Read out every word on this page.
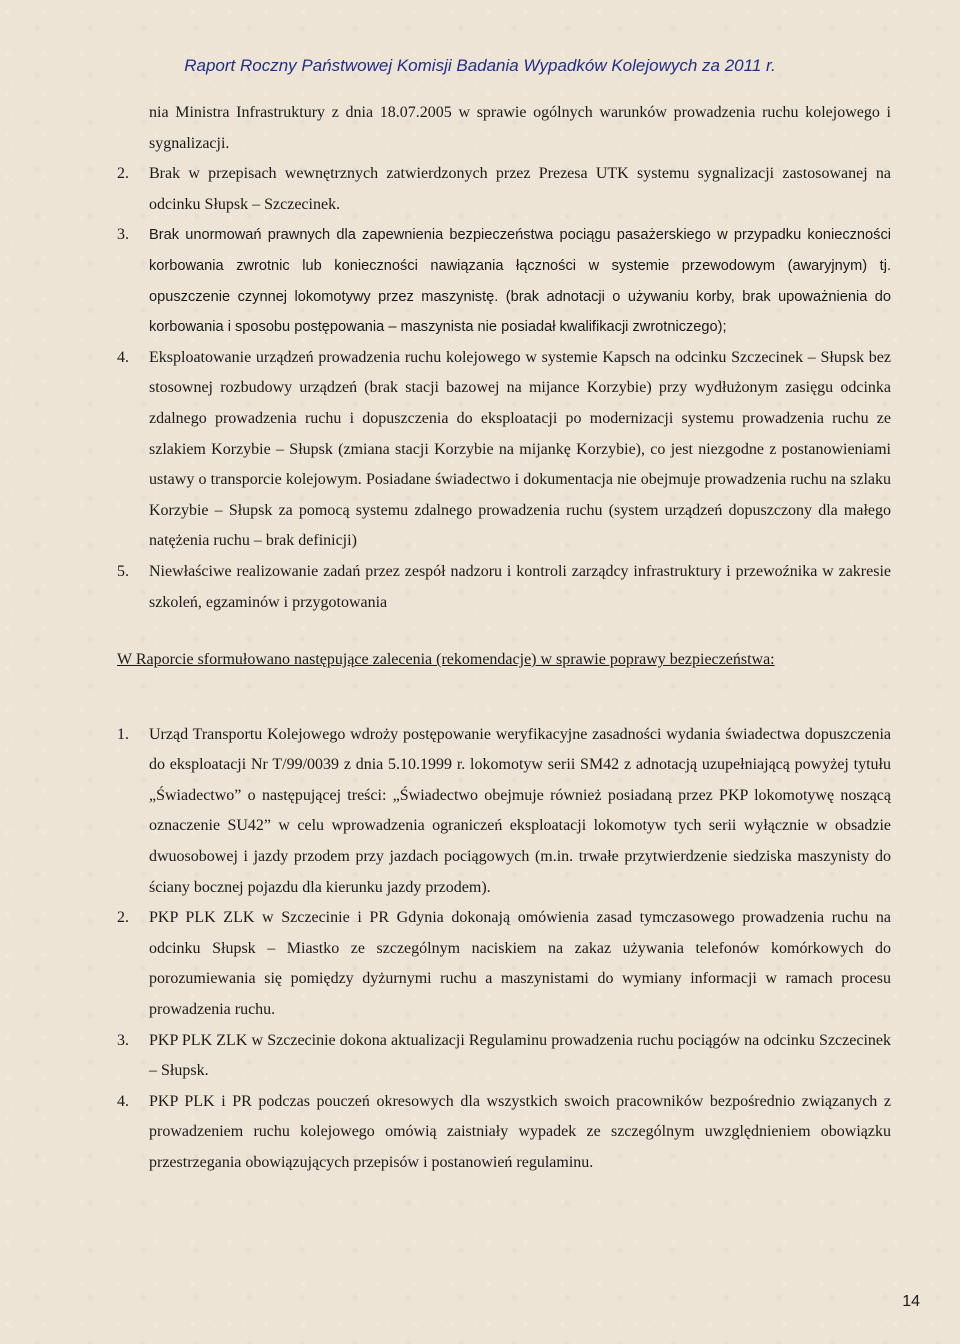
Raport Roczny Państwowej Komisji Badania Wypadków Kolejowych za 2011 r.
nia Ministra Infrastruktury z dnia 18.07.2005 w sprawie ogólnych warunków prowadzenia ruchu kolejowego i sygnalizacji.
2. Brak w przepisach wewnętrznych zatwierdzonych przez Prezesa UTK systemu sygnalizacji zastosowanej na odcinku Słupsk – Szczecinek.
3. Brak unormowań prawnych dla zapewnienia bezpieczeństwa pociągu pasażerskiego w przypadku konieczności korbowania zwrotnic lub konieczności nawiązania łączności w systemie przewodowym (awaryjnym) tj. opuszczenie czynnej lokomotywy przez maszynistę. (brak adnotacji o używaniu korby, brak upoważnienia do korbowania i sposobu postępowania – maszynista nie posiadał kwalifikacji zwrotniczego);
4. Eksploatowanie urządzeń prowadzenia ruchu kolejowego w systemie Kapsch na odcinku Szczecinek – Słupsk bez stosownej rozbudowy urządzeń (brak stacji bazowej na mijance Korzybie) przy wydłużonym zasięgu odcinka zdalnego prowadzenia ruchu i dopuszczenia do eksploatacji po modernizacji systemu prowadzenia ruchu ze szlakiem Korzybie – Słupsk (zmiana stacji Korzybie na mijankę Korzybie), co jest niezgodne z postanowieniami ustawy o transporcie kolejowym. Posiadane świadectwo i dokumentacja nie obejmuje prowadzenia ruchu na szlaku Korzybie – Słupsk za pomocą systemu zdalnego prowadzenia ruchu (system urządzeń dopuszczony dla małego natężenia ruchu – brak definicji)
5. Niewłaściwe realizowanie zadań przez zespół nadzoru i kontroli zarządcy infrastruktury i przewoźnika w zakresie szkoleń, egzaminów i przygotowania
W Raporcie sformułowano następujące zalecenia (rekomendacje) w sprawie poprawy bezpieczeństwa:
1. Urząd Transportu Kolejowego wdroży postępowanie weryfikacyjne zasadności wydania świadectwa dopuszczenia do eksploatacji Nr T/99/0039 z dnia 5.10.1999 r. lokomotyw serii SM42 z adnotacją uzupełniającą powyżej tytułu „Świadectwo” o następującej treści: „Świadectwo obejmuje również posiadaną przez PKP lokomotywę noszącą oznaczenie SU42” w celu wprowadzenia ograniczeń eksploatacji lokomotyw tych serii wyłącznie w obsadzie dwuosobowej i jazdy przodem przy jazdach pociągowych (m.in. trwałe przytwierdzenie siedziska maszynisty do ściany bocznej pojazdu dla kierunku jazdy przodem).
2. PKP PLK ZLK w Szczecinie i PR Gdynia dokonają omówienia zasad tymczasowego prowadzenia ruchu na odcinku Słupsk – Miastko ze szczególnym naciskiem na zakaz używania telefonów komórkowych do porozumiewania się pomiędzy dyżurnymi ruchu a maszynistami do wymiany informacji w ramach procesu prowadzenia ruchu.
3. PKP PLK ZLK w Szczecinie dokona aktualizacji Regulaminu prowadzenia ruchu pociągów na odcinku Szczecinek – Słupsk.
4. PKP PLK i PR podczas pouczeń okresowych dla wszystkich swoich pracowników bezpośrednio związanych z prowadzeniem ruchu kolejowego omówią zaistniały wypadek ze szczególnym uwzględnieniem obowiązku przestrzegania obowiązujących przepisów i postanowień regulaminu.
14
